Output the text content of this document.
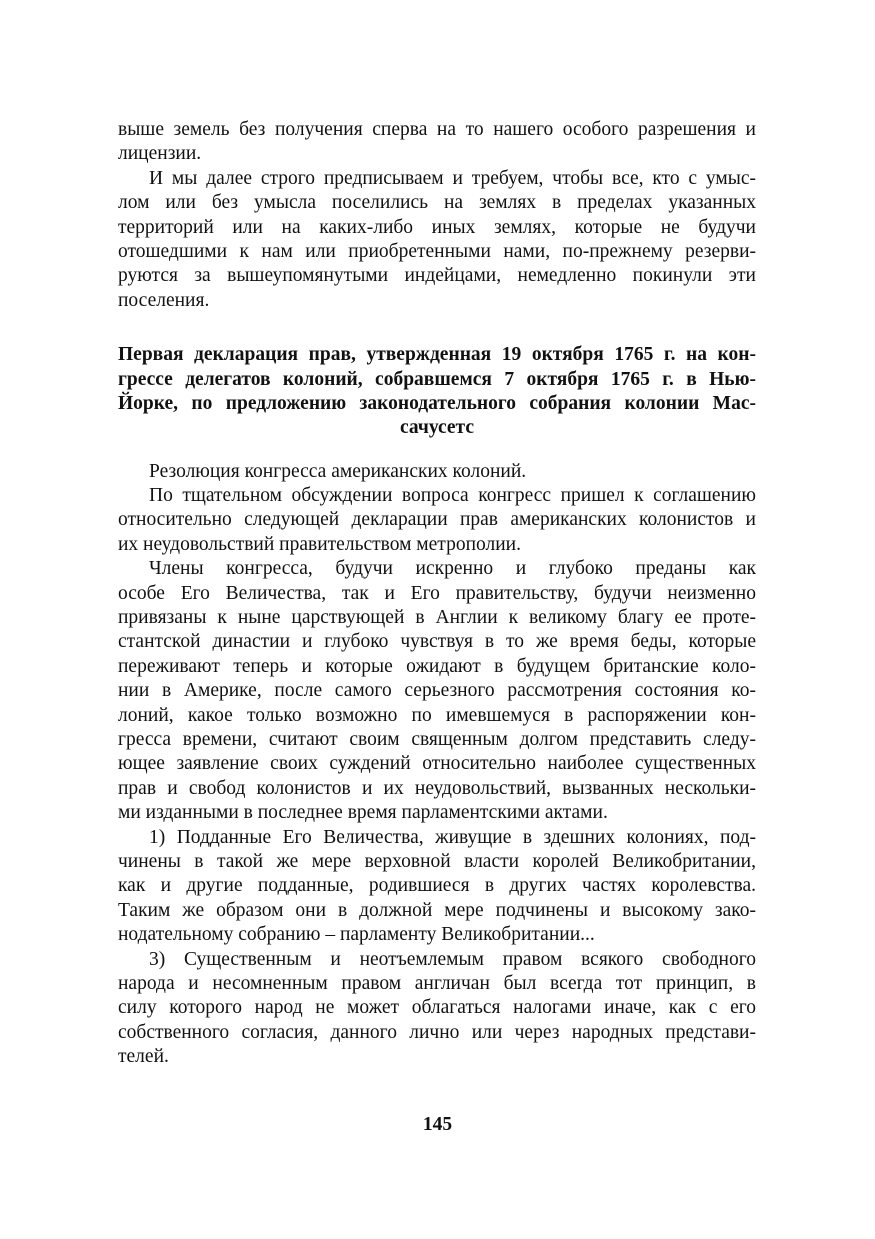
выше земель без получения сперва на то нашего особого разрешения и
лицензии.
И мы далее строго предписываем и требуем, чтобы все, кто с умыс-
лом или без умысла поселились на землях в пределах указанных
территорий или на каких-либо иных землях, которые не будучи
отошедшими к нам или приобретенными нами, по-прежнему резерви-
руются за вышеупомянутыми индейцами, немедленно покинули эти
поселения.
Первая декларация прав, утвержденная 19 октября 1765 г. на кон-
грессе делегатов колоний, собравшемся 7 октября 1765 г. в Нью-
Йорке, по предложению законодательного собрания колонии Мас-
сачусетс
Резолюция конгресса американских колоний.
По тщательном обсуждении вопроса конгресс пришел к соглашению
относительно следующей декларации прав американских колонистов и
их неудовольствий правительством метрополии.
Члены конгресса, будучи искренно и глубоко преданы как
особе Его Величества, так и Его правительству, будучи неизменно
привязаны к ныне царствующей в Англии к великому благу ее проте-
стантской династии и глубоко чувствуя в то же время беды, которые
переживают теперь и которые ожидают в будущем британские коло-
нии в Америке, после самого серьезного рассмотрения состояния ко-
лоний, какое только возможно по имевшемуся в распоряжении кон-
гресса времени, считают своим священным долгом представить следу-
ющее заявление своих суждений относительно наиболее существенных
прав и свобод колонистов и их неудовольствий, вызванных нескольки-
ми изданными в последнее время парламентскими актами.
1) Подданные Его Величества, живущие в здешних колониях, под-
чинены в такой же мере верховной власти королей Великобритании,
как и другие подданные, родившиеся в других частях королевства.
Таким же образом они в должной мере подчинены и высокому зако-
нодательному собранию – парламенту Великобритании...
3) Существенным и неотъемлемым правом всякого свободного
народа и несомненным правом англичан был всегда тот принцип, в
силу которого народ не может облагаться налогами иначе, как с его
собственного согласия, данного лично или через народных представи-
телей.
145
